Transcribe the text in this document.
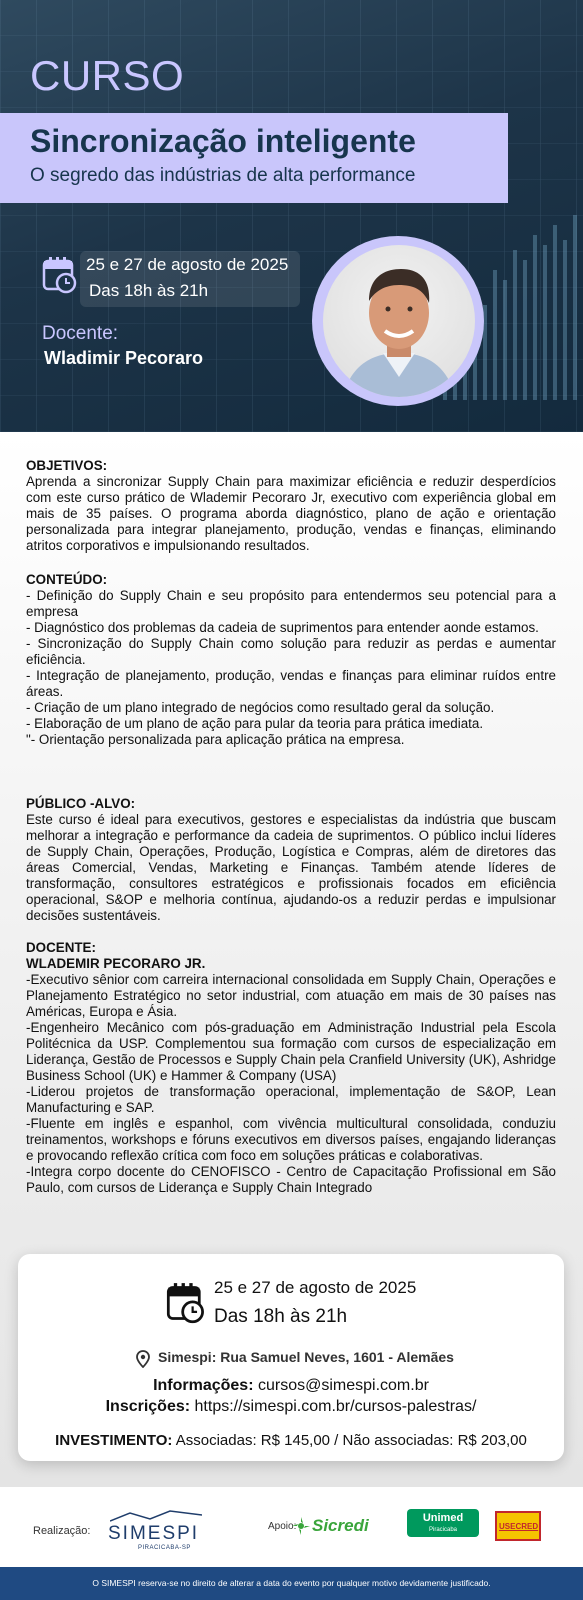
CURSO
Sincronização inteligente
O segredo das indústrias de alta performance
25 e 27 de agosto de 2025
Das 18h às 21h
Docente:
Wladimir Pecoraro

OBJETIVOS:

Aprenda a sincronizar Supply Chain para maximizar eficiência e reduzir desperdícios com este curso prático de Wlademir Pecoraro Jr, executivo com experiência global em mais de 35 países. O programa aborda diagnóstico, plano de ação e orientação personalizada para integrar planejamento, produção, vendas e finanças, eliminando atritos corporativos e impulsionando resultados.

CONTEÚDO:

- Definição do Supply Chain e seu propósito para entendermos seu potencial para a empresa

- Diagnóstico dos problemas da cadeia de suprimentos para entender aonde estamos.

- Sincronização do Supply Chain como solução para reduzir as perdas e aumentar eficiência.

- Integração de planejamento, produção, vendas e finanças para eliminar ruídos entre áreas.

- Criação de um plano integrado de negócios como resultado geral da solução.

- Elaboração de um plano de ação para pular da teoria para prática imediata.

"- Orientação personalizada para aplicação prática na empresa.

PÚBLICO -ALVO:

Este curso é ideal para executivos, gestores e especialistas da indústria que buscam melhorar a integração e performance da cadeia de suprimentos. O público inclui líderes de Supply Chain, Operações, Produção, Logística e Compras, além de diretores das áreas Comercial, Vendas, Marketing e Finanças. Também atende líderes de transformação, consultores estratégicos e profissionais focados em eficiência operacional, S&OP e melhoria contínua, ajudando-os a reduzir perdas e impulsionar decisões sustentáveis.

DOCENTE:

WLADEMIR PECORARO JR.

-Executivo sênior com carreira internacional consolidada em Supply Chain, Operações e Planejamento Estratégico no setor industrial, com atuação em mais de 30 países nas Américas, Europa e Ásia.

-Engenheiro Mecânico com pós-graduação em Administração Industrial pela Escola Politécnica da USP. Complementou sua formação com cursos de especialização em Liderança, Gestão de Processos e Supply Chain pela Cranfield University (UK), Ashridge Business School (UK) e Hammer & Company (USA)

-Liderou projetos de transformação operacional, implementação de S&OP, Lean Manufacturing e SAP.

-Fluente em inglês e espanhol, com vivência multicultural consolidada, conduziu treinamentos, workshops e fóruns executivos em diversos países, engajando lideranças e provocando reflexão crítica com foco em soluções práticas e colaborativas.

-Integra corpo docente do CENOFISCO - Centro de Capacitação Profissional em São Paulo, com cursos de Liderança e Supply Chain Integrado

25 e 27 de agosto de 2025
Das 18h às 21h
Simespi: Rua Samuel Neves, 1601 - Alemães
Informações: cursos@simespi.com.br
Inscrições: https://simespi.com.br/cursos-palestras/
INVESTIMENTO: Associadas: R$ 145,00 / Não associadas: R$ 203,00
Realização: SIMESPI
PIRACICABA-SP
Apoio: Sicredi	Unimed
Piracicaba	USECRED
O SIMESPI reserva-se no direito de alterar a data do evento por qualquer motivo devidamente justificado.
